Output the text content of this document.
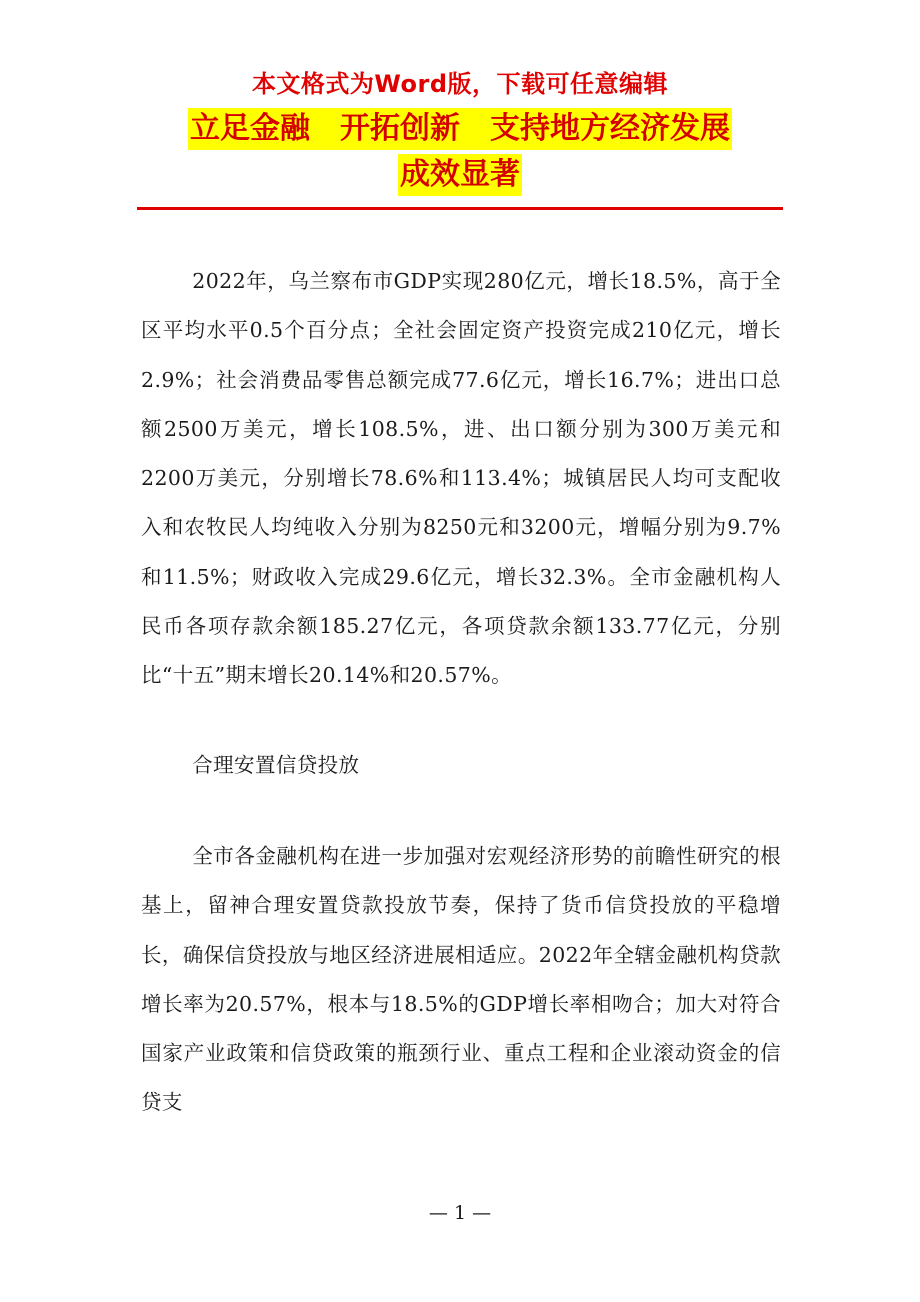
本文格式为Word版，下载可任意编辑
立足金融　开拓创新　支持地方经济发展
成效显著

2022年，乌兰察布市GDP实现280亿元，增长18.5%，高于全区平均水平0.5个百分点；全社会固定资产投资完成210亿元，增长2.9%；社会消费品零售总额完成77.6亿元，增长16.7%；进出口总额2500万美元，增长108.5%，进、出口额分别为300万美元和2200万美元，分别增长78.6%和113.4%；城镇居民人均可支配收入和农牧民人均纯收入分别为8250元和3200元，增幅分别为9.7%和11.5%；财政收入完成29.6亿元，增长32.3%。全市金融机构人民币各项存款余额185.27亿元，各项贷款余额133.77亿元，分别比“十五”期末增长20.14%和20.57%。

合理安置信贷投放

全市各金融机构在进一步加强对宏观经济形势的前瞻性研究的根基上，留神合理安置贷款投放节奏，保持了货币信贷投放的平稳增长，确保信贷投放与地区经济进展相适应。2022年全辖金融机构贷款增长率为20.57%，根本与18.5%的GDP增长率相吻合；加大对符合国家产业政策和信贷政策的瓶颈行业、重点工程和企业滚动资金的信贷支

— 1 —
